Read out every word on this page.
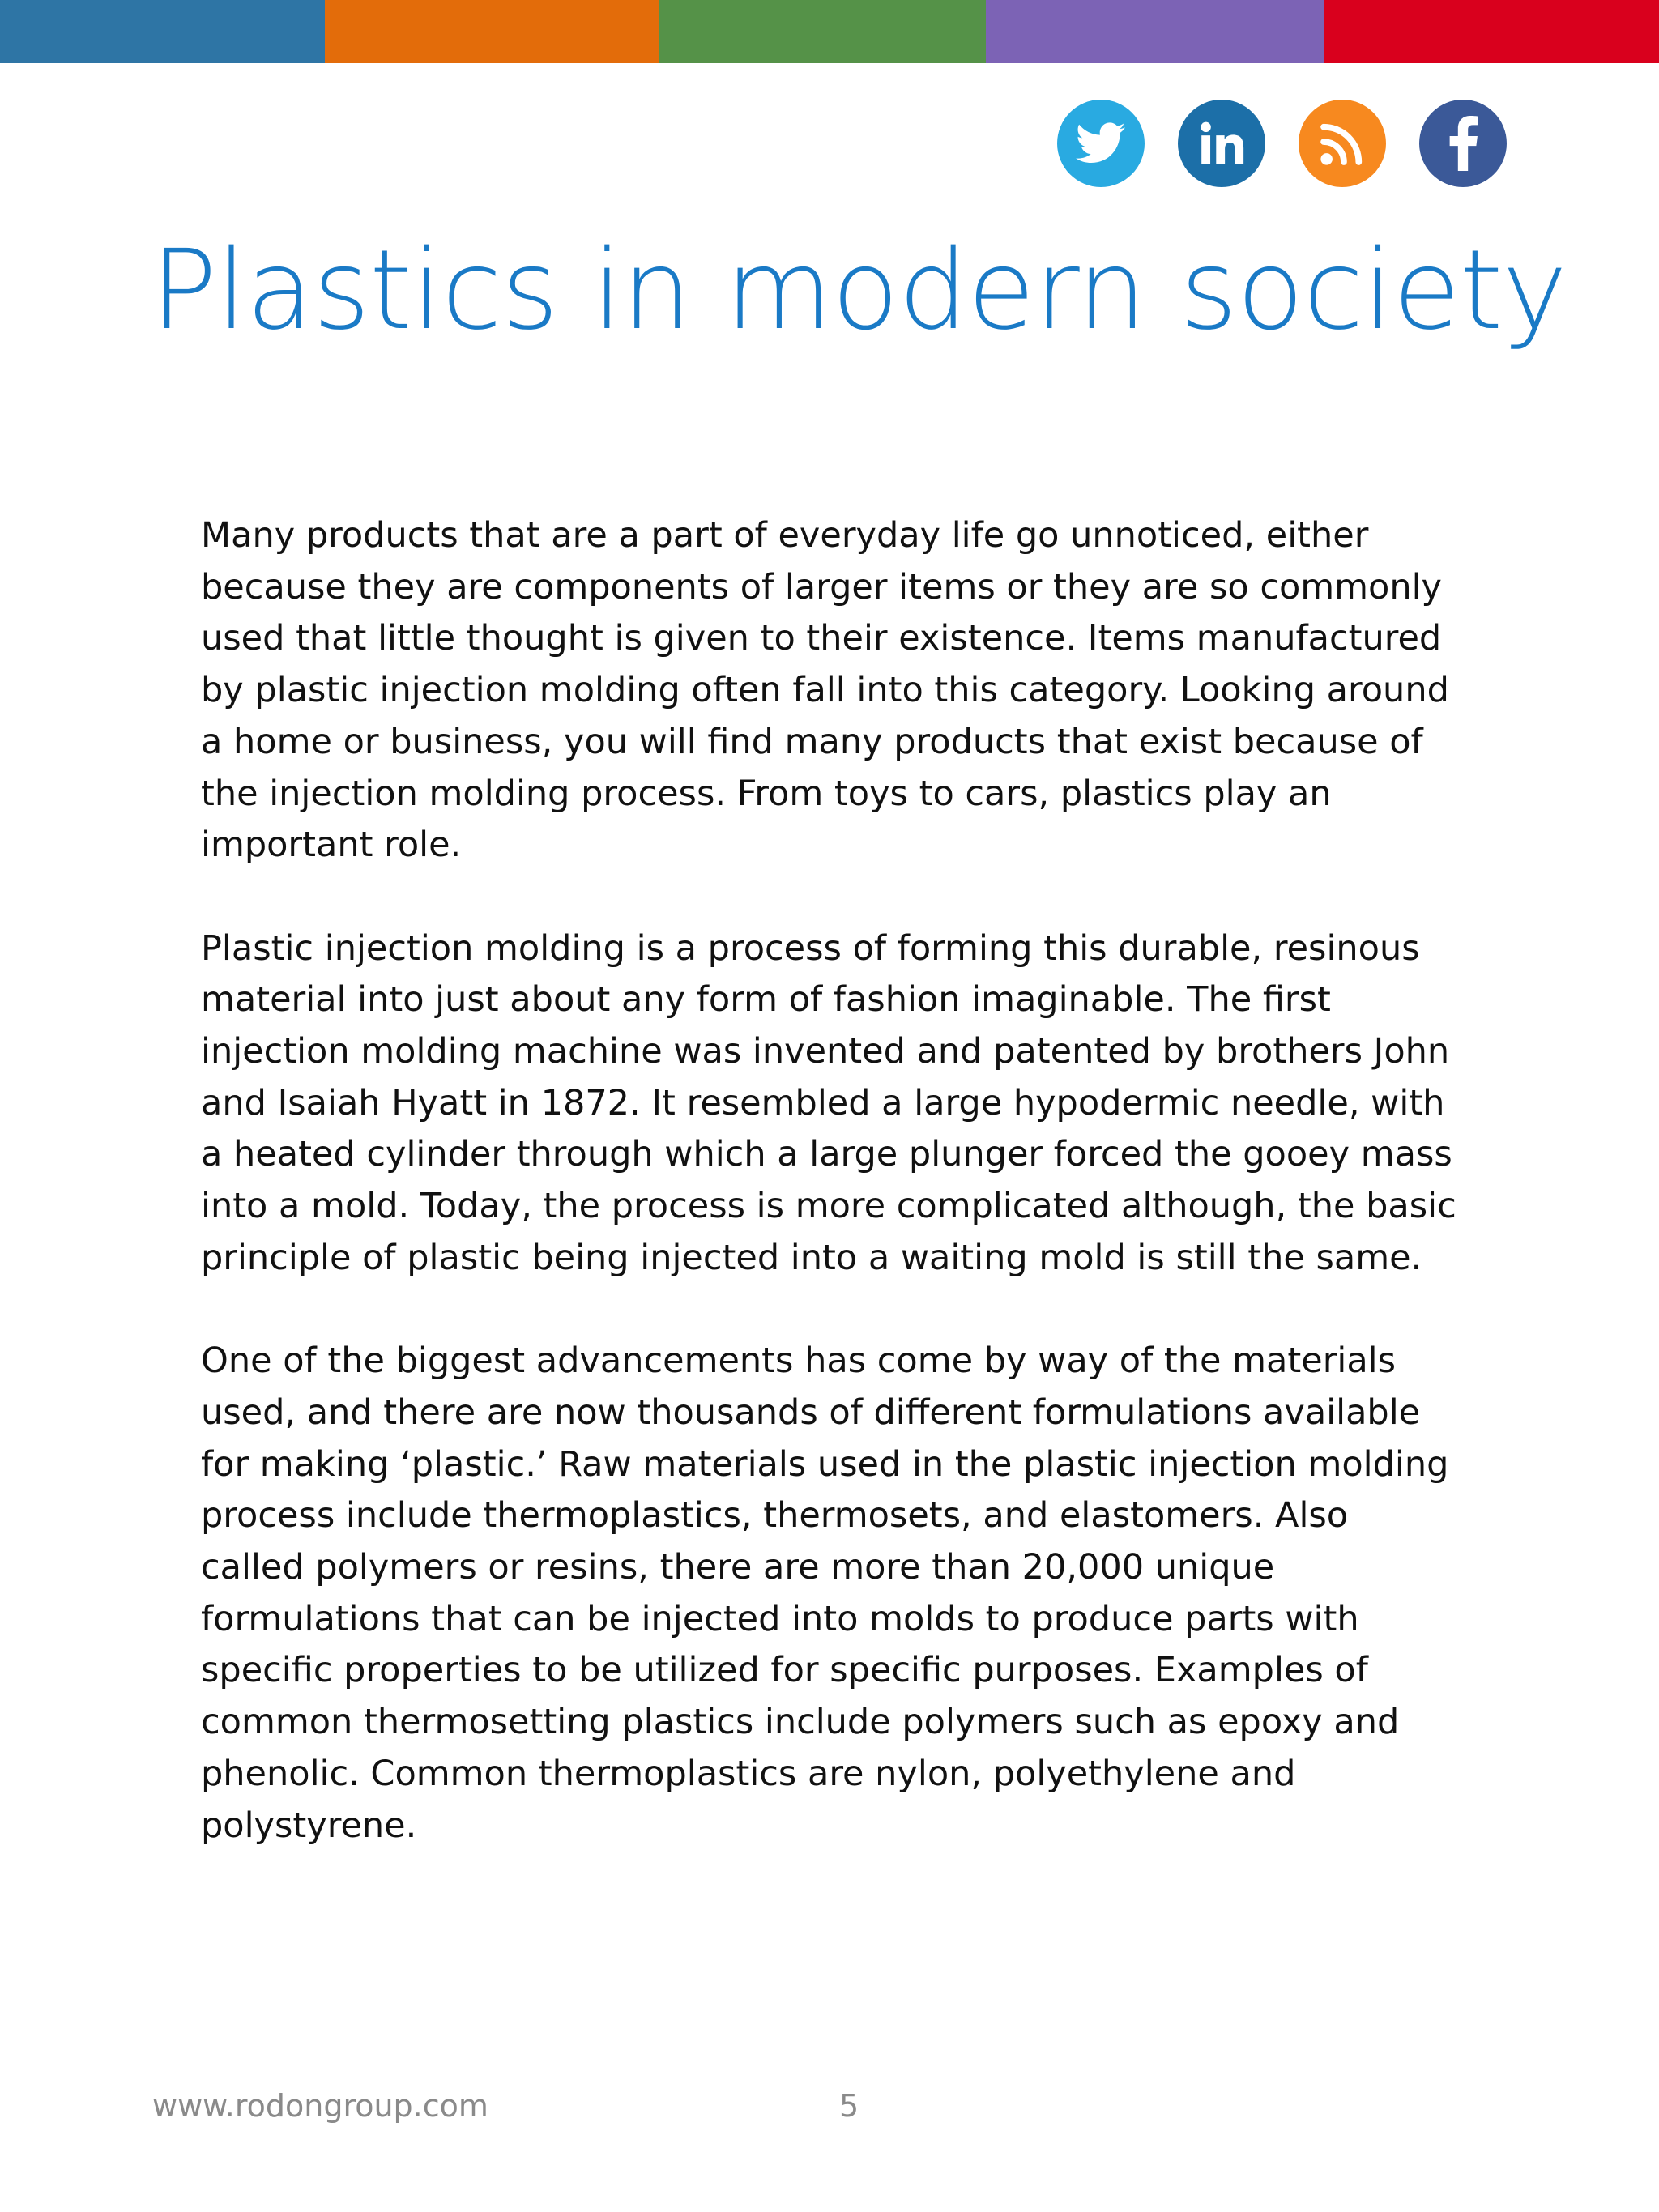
Plastics in modern society

Many products that are a part of everyday life go unnoticed, either
because they are components of larger items or they are so commonly
used that little thought is given to their existence. Items manufactured
by plastic injection molding often fall into this category. Looking around
a home or business, you will find many products that exist because of
the injection molding process. From toys to cars, plastics play an
important role.

Plastic injection molding is a process of forming this durable, resinous
material into just about any form of fashion imaginable. The first
injection molding machine was invented and patented by brothers John
and Isaiah Hyatt in 1872. It resembled a large hypodermic needle, with
a heated cylinder through which a large plunger forced the gooey mass
into a mold. Today, the process is more complicated although, the basic
principle of plastic being injected into a waiting mold is still the same.

One of the biggest advancements has come by way of the materials
used, and there are now thousands of different formulations available
for making ‘plastic.’ Raw materials used in the plastic injection molding
process include thermoplastics, thermosets, and elastomers. Also
called polymers or resins, there are more than 20,000 unique
formulations that can be injected into molds to produce parts with
specific properties to be utilized for specific purposes. Examples of
common thermosetting plastics include polymers such as epoxy and
phenolic. Common thermoplastics are nylon, polyethylene and
polystyrene.

www.rodongroup.com	5
